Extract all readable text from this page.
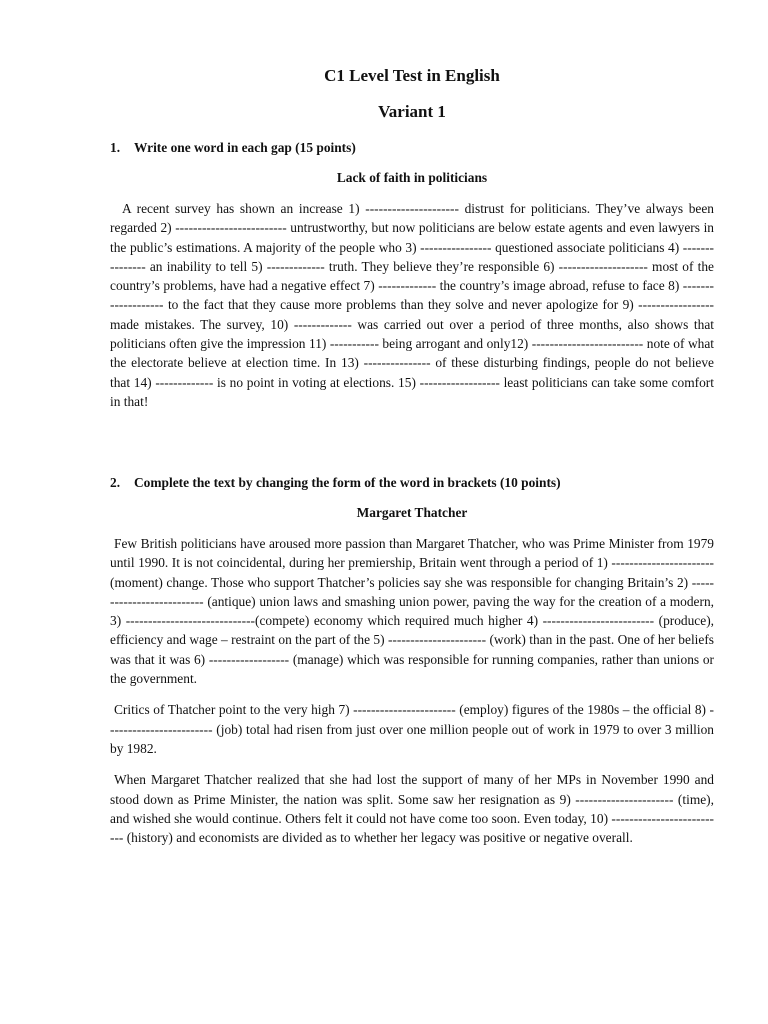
C1 Level Test in English

Variant 1

1.	Write one word in each gap (15 points)

Lack of faith in politicians

A recent survey has shown an increase 1) --------------------- distrust for politicians. They’ve always been regarded 2) ------------------------- untrustworthy, but now politicians are below estate agents and even lawyers in the public’s estimations. A majority of the people who 3) ---------------- questioned associate politicians 4) --------------- an inability to tell 5) ------------- truth. They believe they’re responsible 6) -------------------- most of the country’s problems, have had a negative effect 7) ------------- the country’s image abroad, refuse to face 8) ------------------- to the fact that they cause more problems than they solve and never apologize for 9) ----------------- made mistakes. The survey, 10) ------------- was carried out over a period of three months, also shows that politicians often give the impression 11) ----------- being arrogant and only12) ------------------------- note of what the electorate believe at election time. In 13) --------------- of these disturbing findings, people do not believe that 14) ------------- is no point in voting at elections. 15) ------------------ least politicians can take some comfort in that!

2.	Complete the text by changing the form of the word in brackets (10 points)

Margaret Thatcher

Few British politicians have aroused more passion than Margaret Thatcher, who was Prime Minister from 1979 until 1990. It is not coincidental, during her premiership, Britain went through a period of 1) ----------------------- (moment) change. Those who support Thatcher’s policies say she was responsible for changing Britain’s 2) -------------------------- (antique) union laws and smashing union power, paving the way for the creation of a modern, 3) -----------------------------(compete) economy which required much higher 4) ------------------------- (produce), efficiency and wage – restraint on the part of the 5) ---------------------- (work) than in the past. One of her beliefs was that it was 6) ------------------ (manage) which was responsible for running companies, rather than unions or the government.

Critics of Thatcher point to the very high 7) ----------------------- (employ) figures of the 1980s – the official 8) ------------------------ (job) total had risen from just over one million people out of work in 1979 to over 3 million by 1982.

When Margaret Thatcher realized that she had lost the support of many of her MPs in November 1990 and stood down as Prime Minister, the nation was split. Some saw her resignation as 9) ---------------------- (time), and wished she would continue. Others felt it could not have come too soon. Even today, 10) -------------------------- (history) and economists are divided as to whether her legacy was positive or negative overall.
